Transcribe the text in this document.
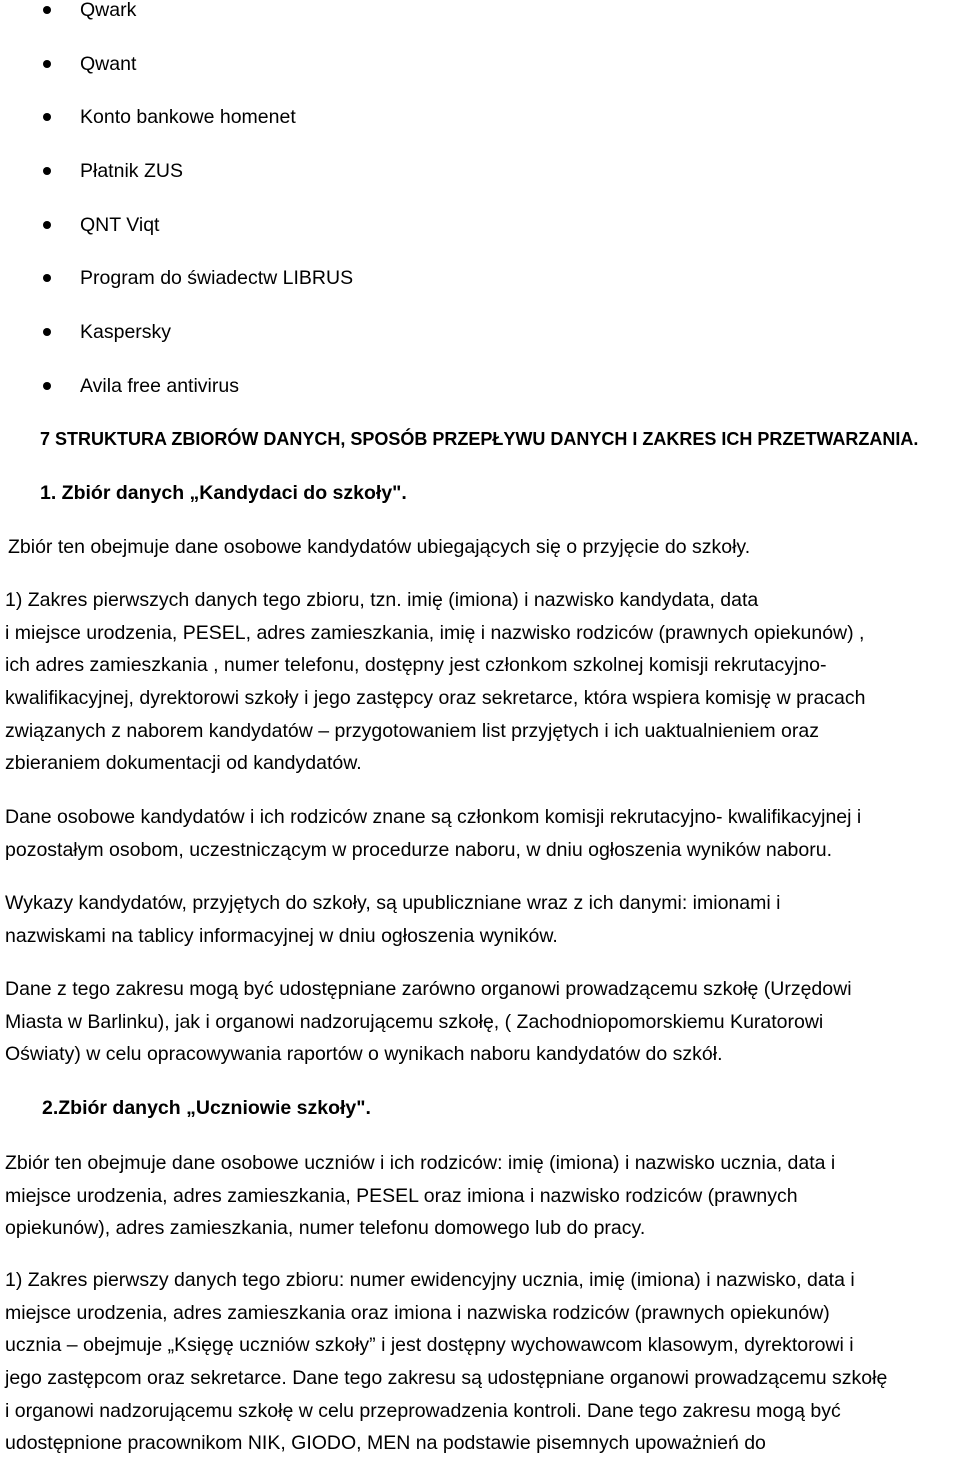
Qwark
Qwant
Konto bankowe homenet
Płatnik ZUS
QNT Viqt
Program do świadectw LIBRUS
Kaspersky
Avila free antivirus
7 STRUKTURA ZBIORÓW DANYCH, SPOSÓB PRZEPŁYWU DANYCH I ZAKRES ICH PRZETWARZANIA.
1. Zbiór danych „Kandydaci do szkoły".
Zbiór ten obejmuje dane osobowe kandydatów ubiegających się o przyjęcie do szkoły.
1) Zakres pierwszych danych tego zbioru, tzn. imię (imiona) i nazwisko kandydata, data
i miejsce urodzenia, PESEL, adres zamieszkania, imię i nazwisko rodziców (prawnych opiekunów) ,
ich adres zamieszkania , numer telefonu, dostępny jest członkom szkolnej komisji rekrutacyjno-
kwalifikacyjnej, dyrektorowi szkoły i jego zastępcy oraz sekretarce, która wspiera komisję w pracach
związanych z naborem kandydatów – przygotowaniem list przyjętych i ich uaktualnieniem oraz
zbieraniem dokumentacji od kandydatów.
Dane osobowe kandydatów i ich rodziców znane są członkom komisji rekrutacyjno- kwalifikacyjnej i
pozostałym osobom, uczestniczącym w procedurze naboru, w dniu ogłoszenia wyników naboru.
Wykazy kandydatów, przyjętych do szkoły, są upubliczniane wraz z ich danymi: imionami i
nazwiskami na tablicy informacyjnej w dniu ogłoszenia wyników.
Dane z tego zakresu mogą być udostępniane zarówno organowi prowadzącemu szkołę (Urzędowi
Miasta w Barlinku), jak i organowi nadzorującemu szkołę, ( Zachodniopomorskiemu Kuratorowi
Oświaty) w celu opracowywania raportów o wynikach naboru kandydatów do szkół.
2.Zbiór danych „Uczniowie szkoły".
Zbiór ten obejmuje dane osobowe uczniów i ich rodziców: imię (imiona) i nazwisko ucznia, data i
miejsce urodzenia, adres zamieszkania, PESEL oraz imiona i nazwisko rodziców (prawnych
opiekunów), adres zamieszkania, numer telefonu domowego lub do pracy.
1) Zakres pierwszy danych tego zbioru: numer ewidencyjny ucznia, imię (imiona) i nazwisko, data i
miejsce urodzenia, adres zamieszkania oraz imiona i nazwiska rodziców (prawnych opiekunów)
ucznia – obejmuje „Księgę uczniów szkoły” i jest dostępny wychowawcom klasowym, dyrektorowi i
jego zastępcom oraz sekretarce. Dane tego zakresu są udostępniane organowi prowadzącemu szkołę
i organowi nadzorującemu szkołę w celu przeprowadzenia kontroli. Dane tego zakresu mogą być
udostępnione pracownikom NIK, GIODO, MEN na podstawie pisemnych upoważnień do
